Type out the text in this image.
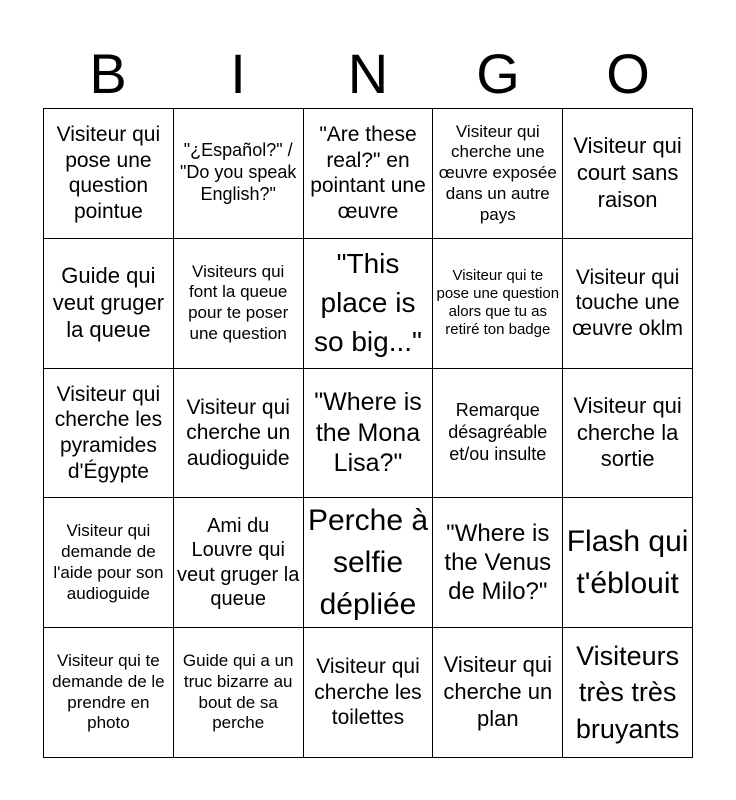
B	I	N	G	O
Visiteur qui pose une question pointue
"¿Español?" / "Do you speak English?"
"Are these real?" en pointant une œuvre
Visiteur qui cherche une œuvre exposée dans un autre pays
Visiteur qui court sans raison
Guide qui veut gruger la queue
Visiteurs qui font la queue pour te poser une question
"This place is so big..."
Visiteur qui te pose une question alors que tu as retiré ton badge
Visiteur qui touche une œuvre oklm
Visiteur qui cherche les pyramides d'Égypte
Visiteur qui cherche un audioguide
"Where is the Mona Lisa?"
Remarque désagréable et/ou insulte
Visiteur qui cherche la sortie
Visiteur qui demande de l'aide pour son audioguide
Ami du Louvre qui veut gruger la queue
Perche à selfie dépliée
"Where is the Venus de Milo?"
Flash qui t'éblouit
Visiteur qui te demande de le prendre en photo
Guide qui a un truc bizarre au bout de sa perche
Visiteur qui cherche les toilettes
Visiteur qui cherche un plan
Visiteurs très très bruyants
